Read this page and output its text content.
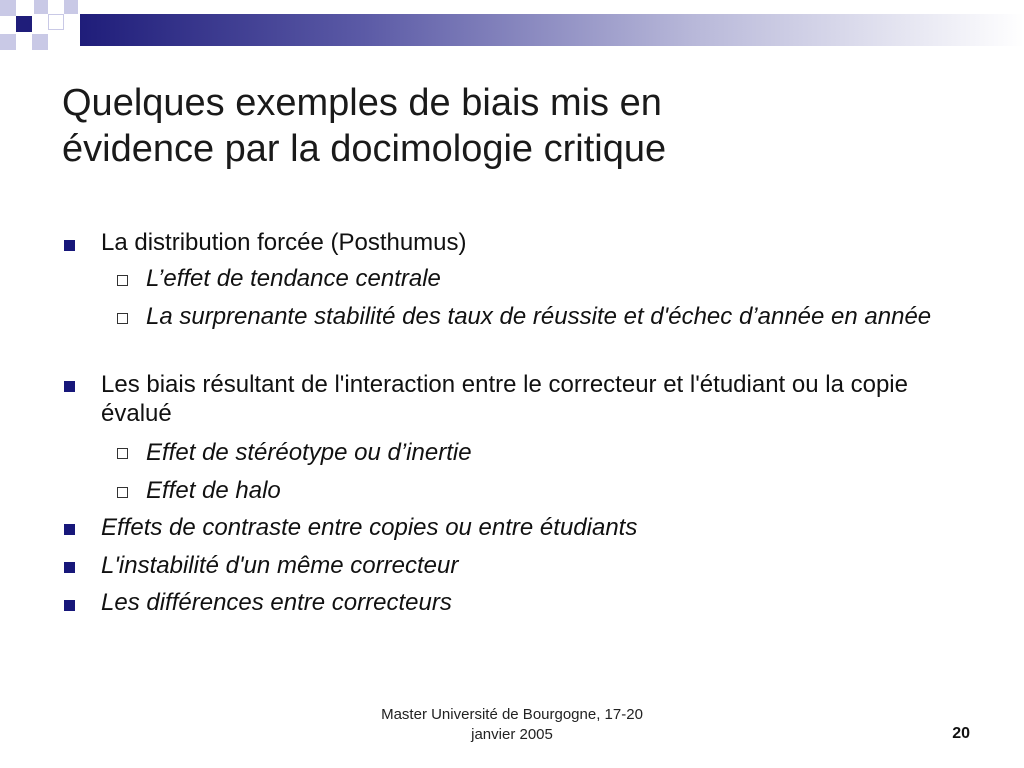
Quelques exemples de biais mis en
évidence par la docimologie critique
La distribution forcée (Posthumus)
L’effet de tendance centrale
La surprenante stabilité des taux de réussite et d'échec d’année en année
Les biais résultant de l'interaction entre le correcteur et l'étudiant ou la copie évalué
Effet de stéréotype ou d’inertie
Effet de halo
Effets de contraste entre copies ou entre étudiants
L'instabilité d'un même correcteur
Les différences entre correcteurs
Master Université de Bourgogne, 17-20
janvier 2005	20
